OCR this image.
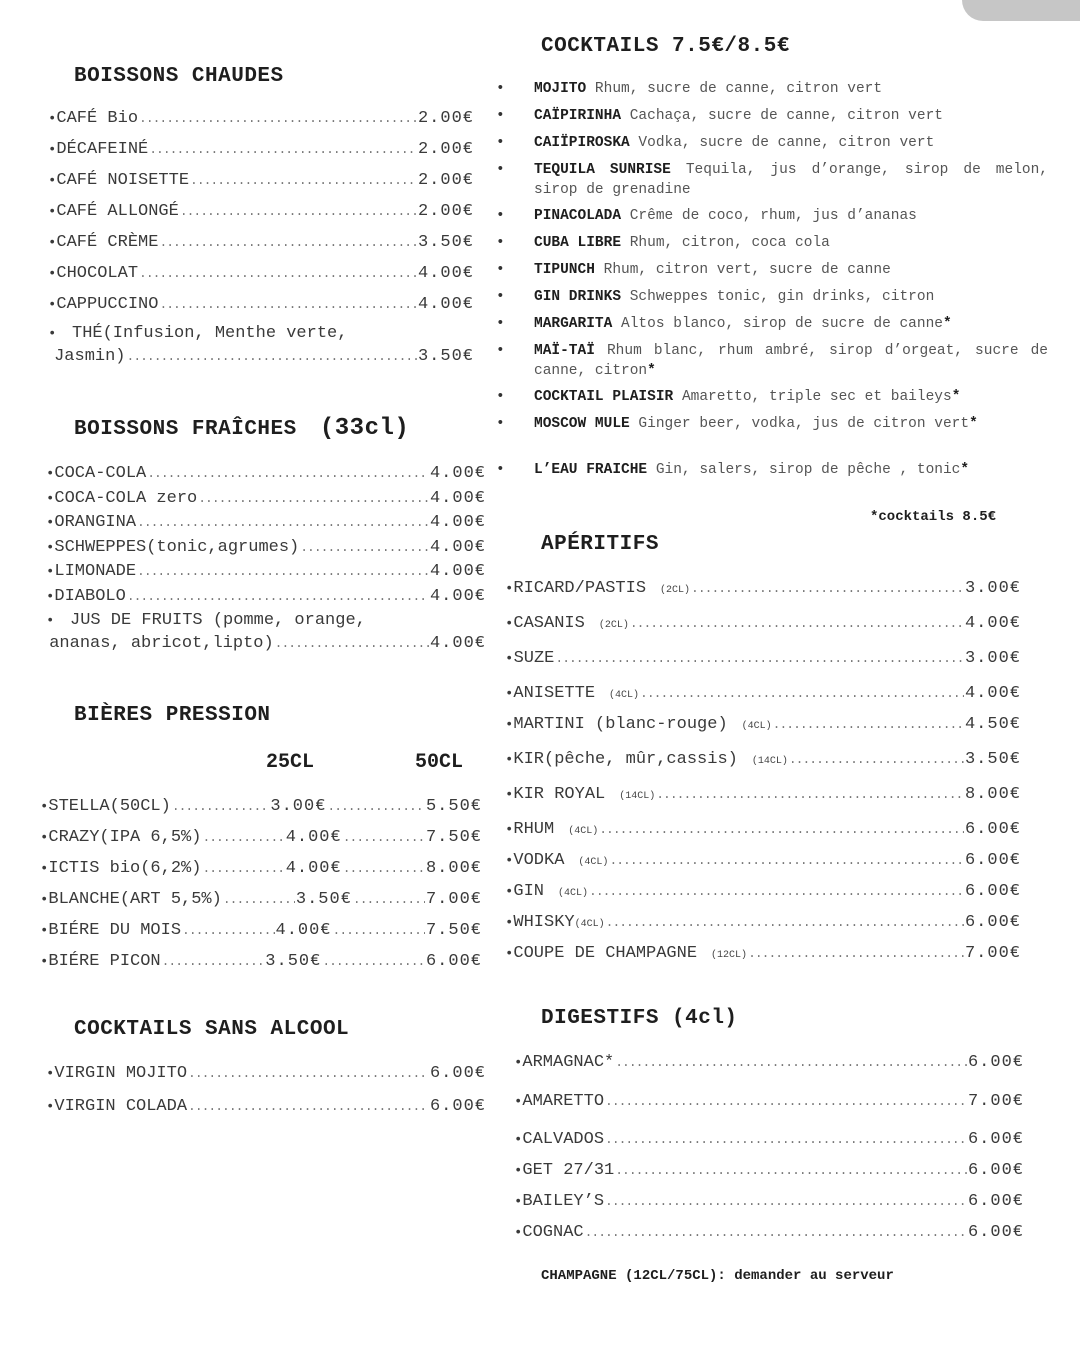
BOISSONS CHAUDES
• CAFÉ Bio .....	2.00€
• DÉCAFEINÉ .....	2.00€
• CAFÉ NOISETTE .....	2.00€
• CAFÉ ALLONGÉ .....	2.00€
• CAFÉ CRÈME .....	3.50€
• CHOCOLAT .....	4.00€
• CAPPUCCINO .....	4.00€
• THÉ(Infusion, Menthe verte,
Jasmin) .....	3.50€
BOISSONS FRAÎCHES (33cl)
• COCA-COLA .....	4.00€
• COCA-COLA zero .....	4.00€
• ORANGINA .....	4.00€
• SCHWEPPES(tonic,agrumes) .....	4.00€
• LIMONADE .....	4.00€
• DIABOLO .....	4.00€
• JUS DE FRUITS (pomme, orange,
ananas, abricot,lipto) .....	4.00€
BIÈRES PRESSION
25CL	50CL
• STELLA(50CL) .....	3.00€ .....	5.50€
• CRAZY(IPA 6,5%) .....	4.00€ .....	7.50€
• ICTIS bio(6,2%) .....	4.00€ .....	8.00€
• BLANCHE(ART 5,5%) .....	3.50€ .....	7.00€
• BIÉRE DU MOIS .....	4.00€ .....	7.50€
• BIÉRE PICON .....	3.50€ .....	6.00€
COCKTAILS SANS ALCOOL
• VIRGIN MOJITO .....	6.00€
• VIRGIN COLADA .....	6.00€
COCKTAILS 7.5€/8.5€
• MOJITO Rhum, sucre de canne, citron vert
• CAÏPIRINHA Cachaça, sucre de canne, citron vert
• CAIÏPIROSKA Vodka, sucre de canne, citron vert
• TEQUILA SUNRISE Tequila, jus d’orange, sirop de melon, sirop de grenadine
• PINACOLADA Crême de coco, rhum, jus d’ananas
• CUBA LIBRE Rhum, citron, coca cola
• TIPUNCH Rhum, citron vert, sucre de canne
• GIN DRINKS Schweppes tonic, gin drinks, citron
• MARGARITA Altos blanco, sirop de sucre de canne*
• MAÏ-TAÏ Rhum blanc, rhum ambré, sirop d’orgeat, sucre de canne, citron*
• COCKTAIL PLAISIR Amaretto, triple sec et baileys*
• MOSCOW MULE Ginger beer, vodka, jus de citron vert*
• L’EAU FRAICHE Gin, salers, sirop de pêche , tonic*
*cocktails 8.5€
APÉRITIFS
• RICARD/PASTIS (2CL) .....	3.00€
• CASANIS (2CL) .....	4.00€
• SUZE .....	3.00€
• ANISETTE (4CL) .....	4.00€
• MARTINI (blanc-rouge) (4CL) .....	4.50€
• KIR(pêche, mûr,cassis) (14CL) .....	3.50€
• KIR ROYAL (14CL) .....	8.00€
• RHUM (4CL) .....	6.00€
• VODKA (4CL) .....	6.00€
• GIN (4CL) .....	6.00€
• WHISKY (4CL) .....	6.00€
• COUPE DE CHAMPAGNE (12CL) .....	7.00€
DIGESTIFS (4cl)
• ARMAGNAC* .....	6.00€
• AMARETTO .....	7.00€
• CALVADOS .....	6.00€
• GET 27/31 .....	6.00€
• BAILEY’S .....	6.00€
• COGNAC .....	6.00€
CHAMPAGNE (12CL/75CL): demander au serveur
